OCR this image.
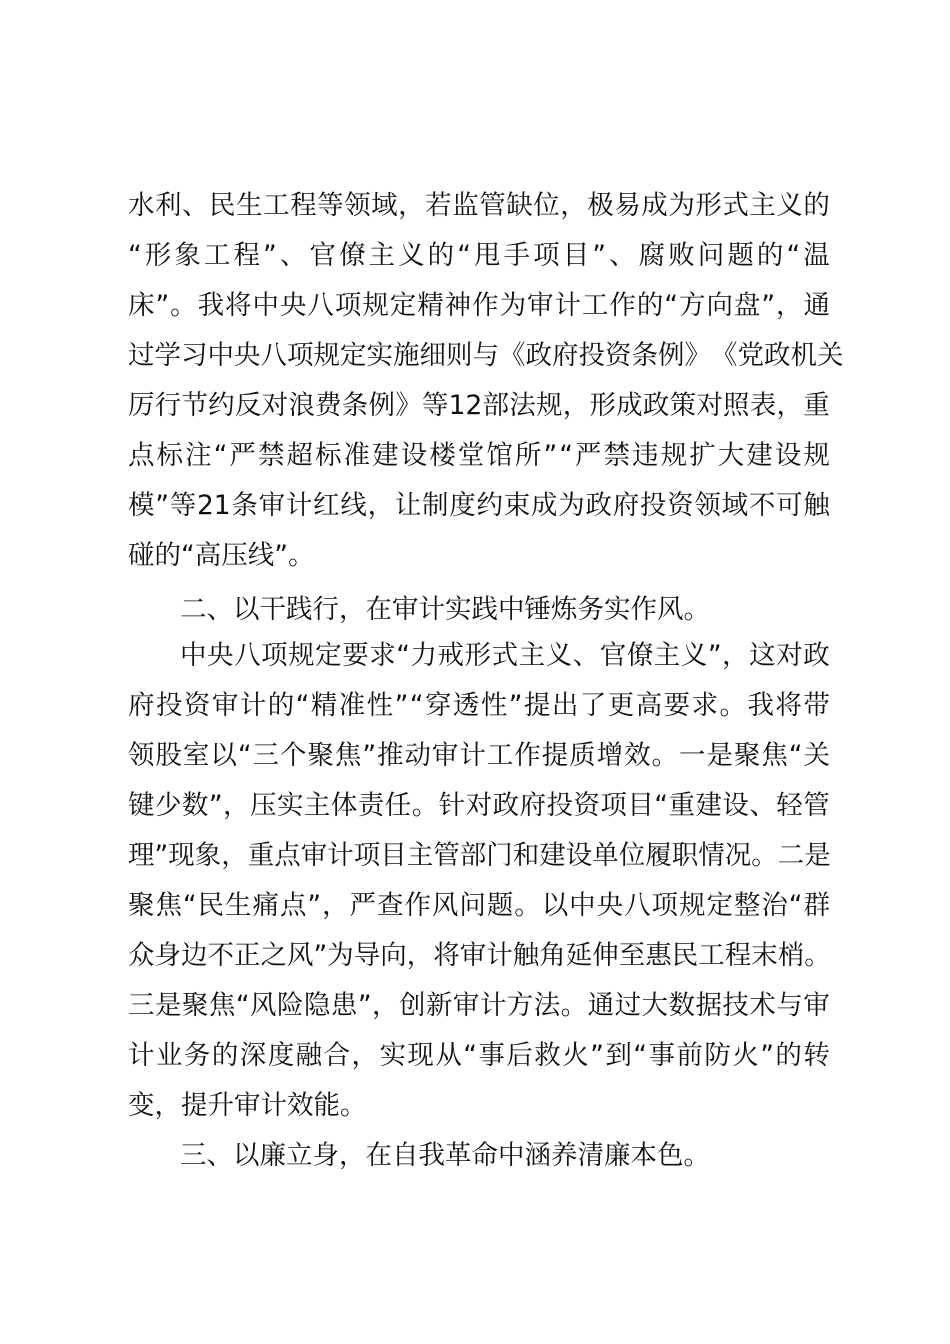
水 利 、 民 生 工 程 等 领 域 ， 若 监 管 缺 位 ， 极 易 成 为 形 式 主 义 的
“ 形 象 工 程 ” 、 官 僚 主 义 的 “ 甩 手 项 目 ” 、 腐 败 问 题 的 “ 温
床 ” 。 我 将 中 央 八 项 规 定 精 神 作 为 审 计 工 作 的 “ 方 向 盘 ” ， 通
过 学 习 中 央 八 项 规 定 实 施 细 则 与 《 政 府 投 资 条 例 》 《 党 政 机 关
厉 行 节 约 反 对 浪 费 条 例 》 等 12 部 法 规 ， 形 成 政 策 对 照 表 ， 重
点 标 注 “ 严 禁 超 标 准 建 设 楼 堂 馆 所 ” “ 严 禁 违 规 扩 大 建 设 规
模 ” 等 21 条 审 计 红 线 ， 让 制 度 约 束 成 为 政 府 投 资 领 域 不 可 触
碰的“高压线”。
二、以干践行，在审计实践中锤炼务实作风。
中 央 八 项 规 定 要 求 “ 力 戒 形 式 主 义 、 官 僚 主 义 ” ， 这 对 政
府 投 资 审 计 的 “ 精 准 性 ” “ 穿 透 性 ” 提 出 了 更 高 要 求 。 我 将 带
领 股 室 以 “ 三 个 聚 焦 ” 推 动 审 计 工 作 提 质 增 效 。 一 是 聚 焦 “ 关
键 少 数 ” ， 压 实 主 体 责 任 。 针 对 政 府 投 资 项 目 “ 重 建 设 、 轻 管
理 ” 现 象 ， 重 点 审 计 项 目 主 管 部 门 和 建 设 单 位 履 职 情 况 。 二 是
聚 焦 “ 民 生 痛 点 ” ， 严 查 作 风 问 题 。 以 中 央 八 项 规 定 整 治 “ 群
众 身 边 不 正 之 风 ” 为 导 向 ， 将 审 计 触 角 延 伸 至 惠 民 工 程 末 梢 。
三 是 聚 焦 “ 风 险 隐 患 ” ， 创 新 审 计 方 法 。 通 过 大 数 据 技 术 与 审
计 业 务 的 深 度 融 合 ， 实 现 从 “ 事 后 救 火 ” 到 “ 事 前 防 火 ” 的 转
变，提升审计效能。
三、以廉立身，在自我革命中涵养清廉本色。
